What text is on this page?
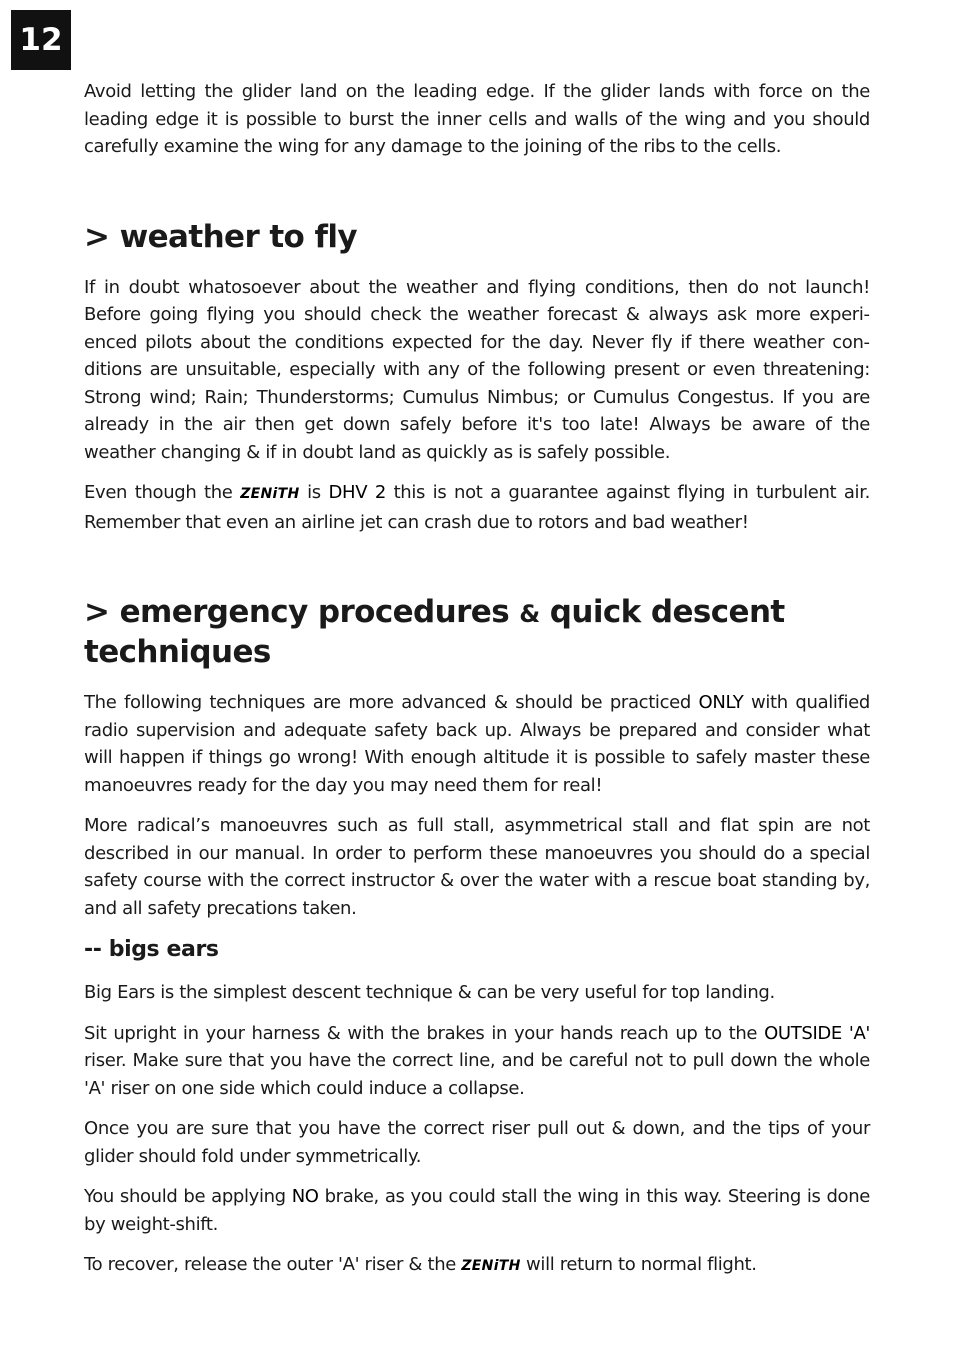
12

Avoid letting the glider land on the leading edge. If the glider lands with force on the leading edge it is possible to burst the inner cells and walls of the wing and you should carefully examine the wing for any damage to the joining of the ribs to the cells.

> weather to fly

If in doubt whatosoever about the weather and flying conditions, then do not launch! Before going flying you should check the weather forecast & always ask more experienced pilots about the conditions expected for the day. Never fly if there weather conditions are unsuitable, especially with any of the following present or even threatening: Strong wind; Rain; Thunderstorms; Cumulus Nimbus; or Cumulus Congestus. If you are already in the air then get down safely before it's too late! Always be aware of the weather changing & if in doubt land as quickly as is safely possible.

Even though the ZENiTH is DHV 2 this is not a guarantee against flying in turbulent air. Remember that even an airline jet can crash due to rotors and bad weather!

> emergency procedures & quick descent techniques

The following techniques are more advanced & should be practiced ONLY with qualified radio supervision and adequate safety back up. Always be prepared and consider what will happen if things go wrong! With enough altitude it is possible to safely master these manoeuvres ready for the day you may need them for real!

More radical’s manoeuvres such as full stall, asymmetrical stall and flat spin are not described in our manual. In order to perform these manoeuvres you should do a special safety course with the correct instructor & over the water with a rescue boat standing by, and all safety precations taken.

-- bigs ears

Big Ears is the simplest descent technique & can be very useful for top landing.

Sit upright in your harness & with the brakes in your hands reach up to the OUTSIDE 'A' riser. Make sure that you have the correct line, and be careful not to pull down the whole 'A' riser on one side which could induce a collapse.

Once you are sure that you have the correct riser pull out & down, and the tips of your glider should fold under symmetrically.

You should be applying NO brake, as you could stall the wing in this way. Steering is done by weight-shift.

To recover, release the outer 'A' riser & the ZENiTH will return to normal flight.
